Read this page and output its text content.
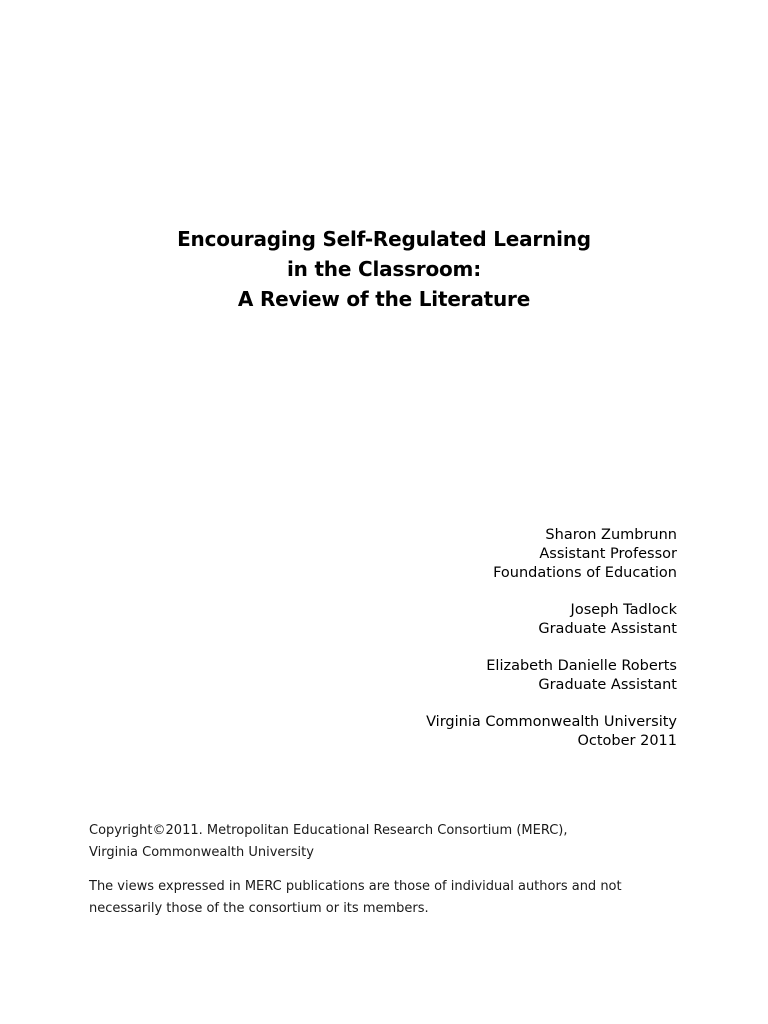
Encouraging Self-Regulated Learning
in the Classroom:
A Review of the Literature
Sharon Zumbrunn
Assistant Professor
Foundations of Education
Joseph Tadlock
Graduate Assistant
Elizabeth Danielle Roberts
Graduate Assistant
Virginia Commonwealth University
October 2011
Copyright©2011. Metropolitan Educational Research Consortium (MERC),
Virginia Commonwealth University
The views expressed in MERC publications are those of individual authors and not
necessarily those of the consortium or its members.
